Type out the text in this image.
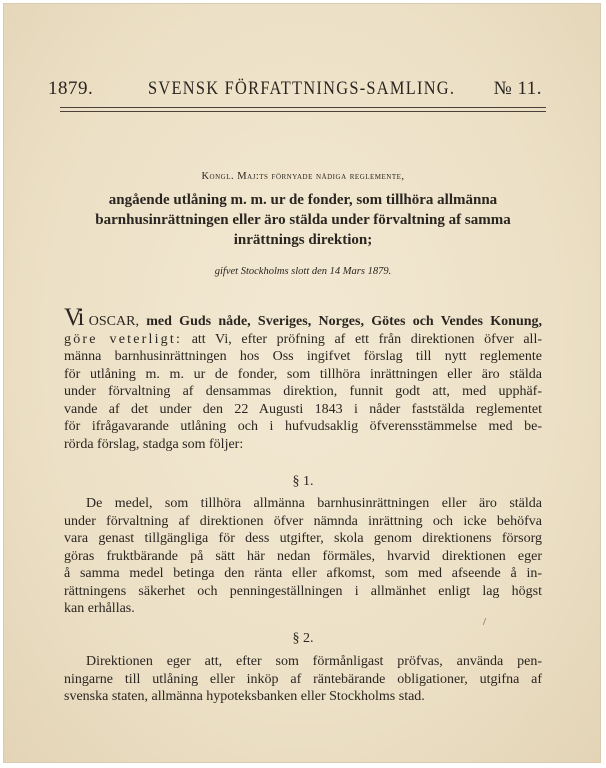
1879.	SVENSK FÖRFATTNINGS-SAMLING. № 11.
Kongl. Maj:ts förnyade nådiga reglemente,
angående utlåning m. m. ur de fonder, som tillhöra allmänna
barnhusinrättningen eller äro stälda under förvaltning af samma
inrättnings direktion;
gifvet Stockholms slott den 14 Mars 1879.
Vi OSCAR, med Guds nåde, Sveriges, Norges, Götes och Vendes Konung,
göre veterligt: att Vi, efter pröfning af ett från direktionen öfver all-
männa barnhusinrättningen hos Oss ingifvet förslag till nytt reglemente
för utlåning m. m. ur de fonder, som tillhöra inrättningen eller äro stälda
under förvaltning af densammas direktion, funnit godt att, med upphäf-
vande af det under den 22 Augusti 1843 i nåder faststälda reglementet
för ifrågavarande utlåning och i hufvudsaklig öfverensstämmelse med be-
rörda förslag, stadga som följer:
§ 1.
De medel, som tillhöra allmänna barnhusinrättningen eller äro stälda
under förvaltning af direktionen öfver nämnda inrättning och icke behöfva
vara genast tillgängliga för dess utgifter, skola genom direktionens försorg
göras fruktbärande på sätt här nedan förmäles, hvarvid direktionen eger
å samma medel betinga den ränta eller afkomst, som med afseende å in-
rättningens säkerhet och penningeställningen i allmänhet enligt lag högst
kan erhållas.
§ 2.
Direktionen eger att, efter som förmånligast pröfvas, använda pen-
ningarne till utlåning eller inköp af räntebärande obligationer, utgifna af
svenska staten, allmänna hypoteksbanken eller Stockholms stad.
